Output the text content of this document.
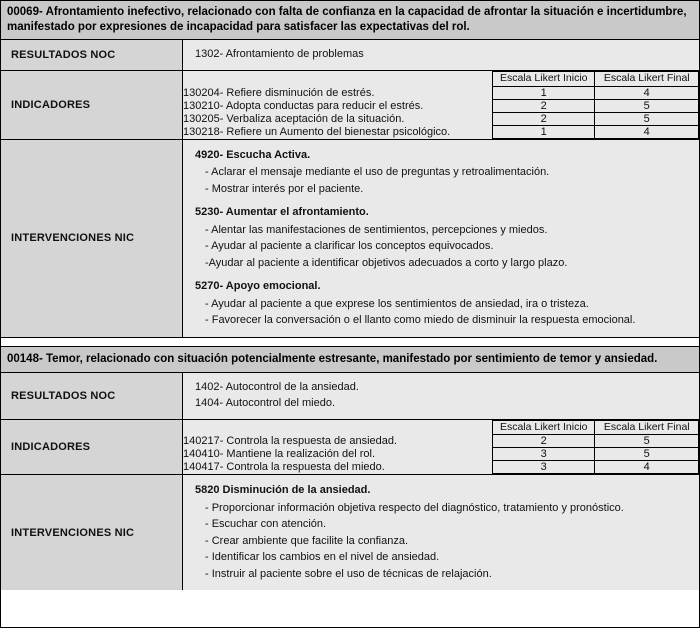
00069- Afrontamiento inefectivo, relacionado con falta de confianza en la capacidad de afrontar la situación e incertidumbre, manifestado por expresiones de incapacidad para satisfacer las expectativas del rol.
RESULTADOS NOC	1302- Afrontamiento de problemas
INDICADORES
	Escala Likert Inicio	Escala Likert Final
130204- Refiere disminución de estrés.	1	4
130210- Adopta conductas para reducir el estrés.	2	5
130205- Verbaliza aceptación de la situación.	2	5
130218- Refiere un Aumento del bienestar psicológico.	1	4
INTERVENCIONES NIC
4920- Escucha Activa.
- Aclarar el mensaje mediante el uso de preguntas y retroalimentación.
- Mostrar interés por el paciente.
5230- Aumentar el afrontamiento.
- Alentar las manifestaciones de sentimientos, percepciones y miedos.
- Ayudar al paciente a clarificar los conceptos equivocados.
-Ayudar al paciente a identificar objetivos adecuados a corto y largo plazo.
5270- Apoyo emocional.
- Ayudar al paciente a que exprese los sentimientos de ansiedad, ira o tristeza.
- Favorecer la conversación o el llanto como miedo de disminuir la respuesta emocional.
00148- Temor, relacionado con situación potencialmente estresante, manifestado por sentimiento de temor y ansiedad.
RESULTADOS NOC
1402- Autocontrol de la ansiedad.
1404- Autocontrol del miedo.
INDICADORES
	Escala Likert Inicio	Escala Likert Final
140217- Controla la respuesta de ansiedad.	2	5
140410- Mantiene la realización del rol.	3	5
140417- Controla la respuesta del miedo.	3	4
INTERVENCIONES NIC
5820 Disminución de la ansiedad.
- Proporcionar información objetiva respecto del diagnóstico, tratamiento y pronóstico.
- Escuchar con atención.
- Crear ambiente que facilite la confianza.
- Identificar los cambios en el nivel de ansiedad.
- Instruir al paciente sobre el uso de técnicas de relajación.
